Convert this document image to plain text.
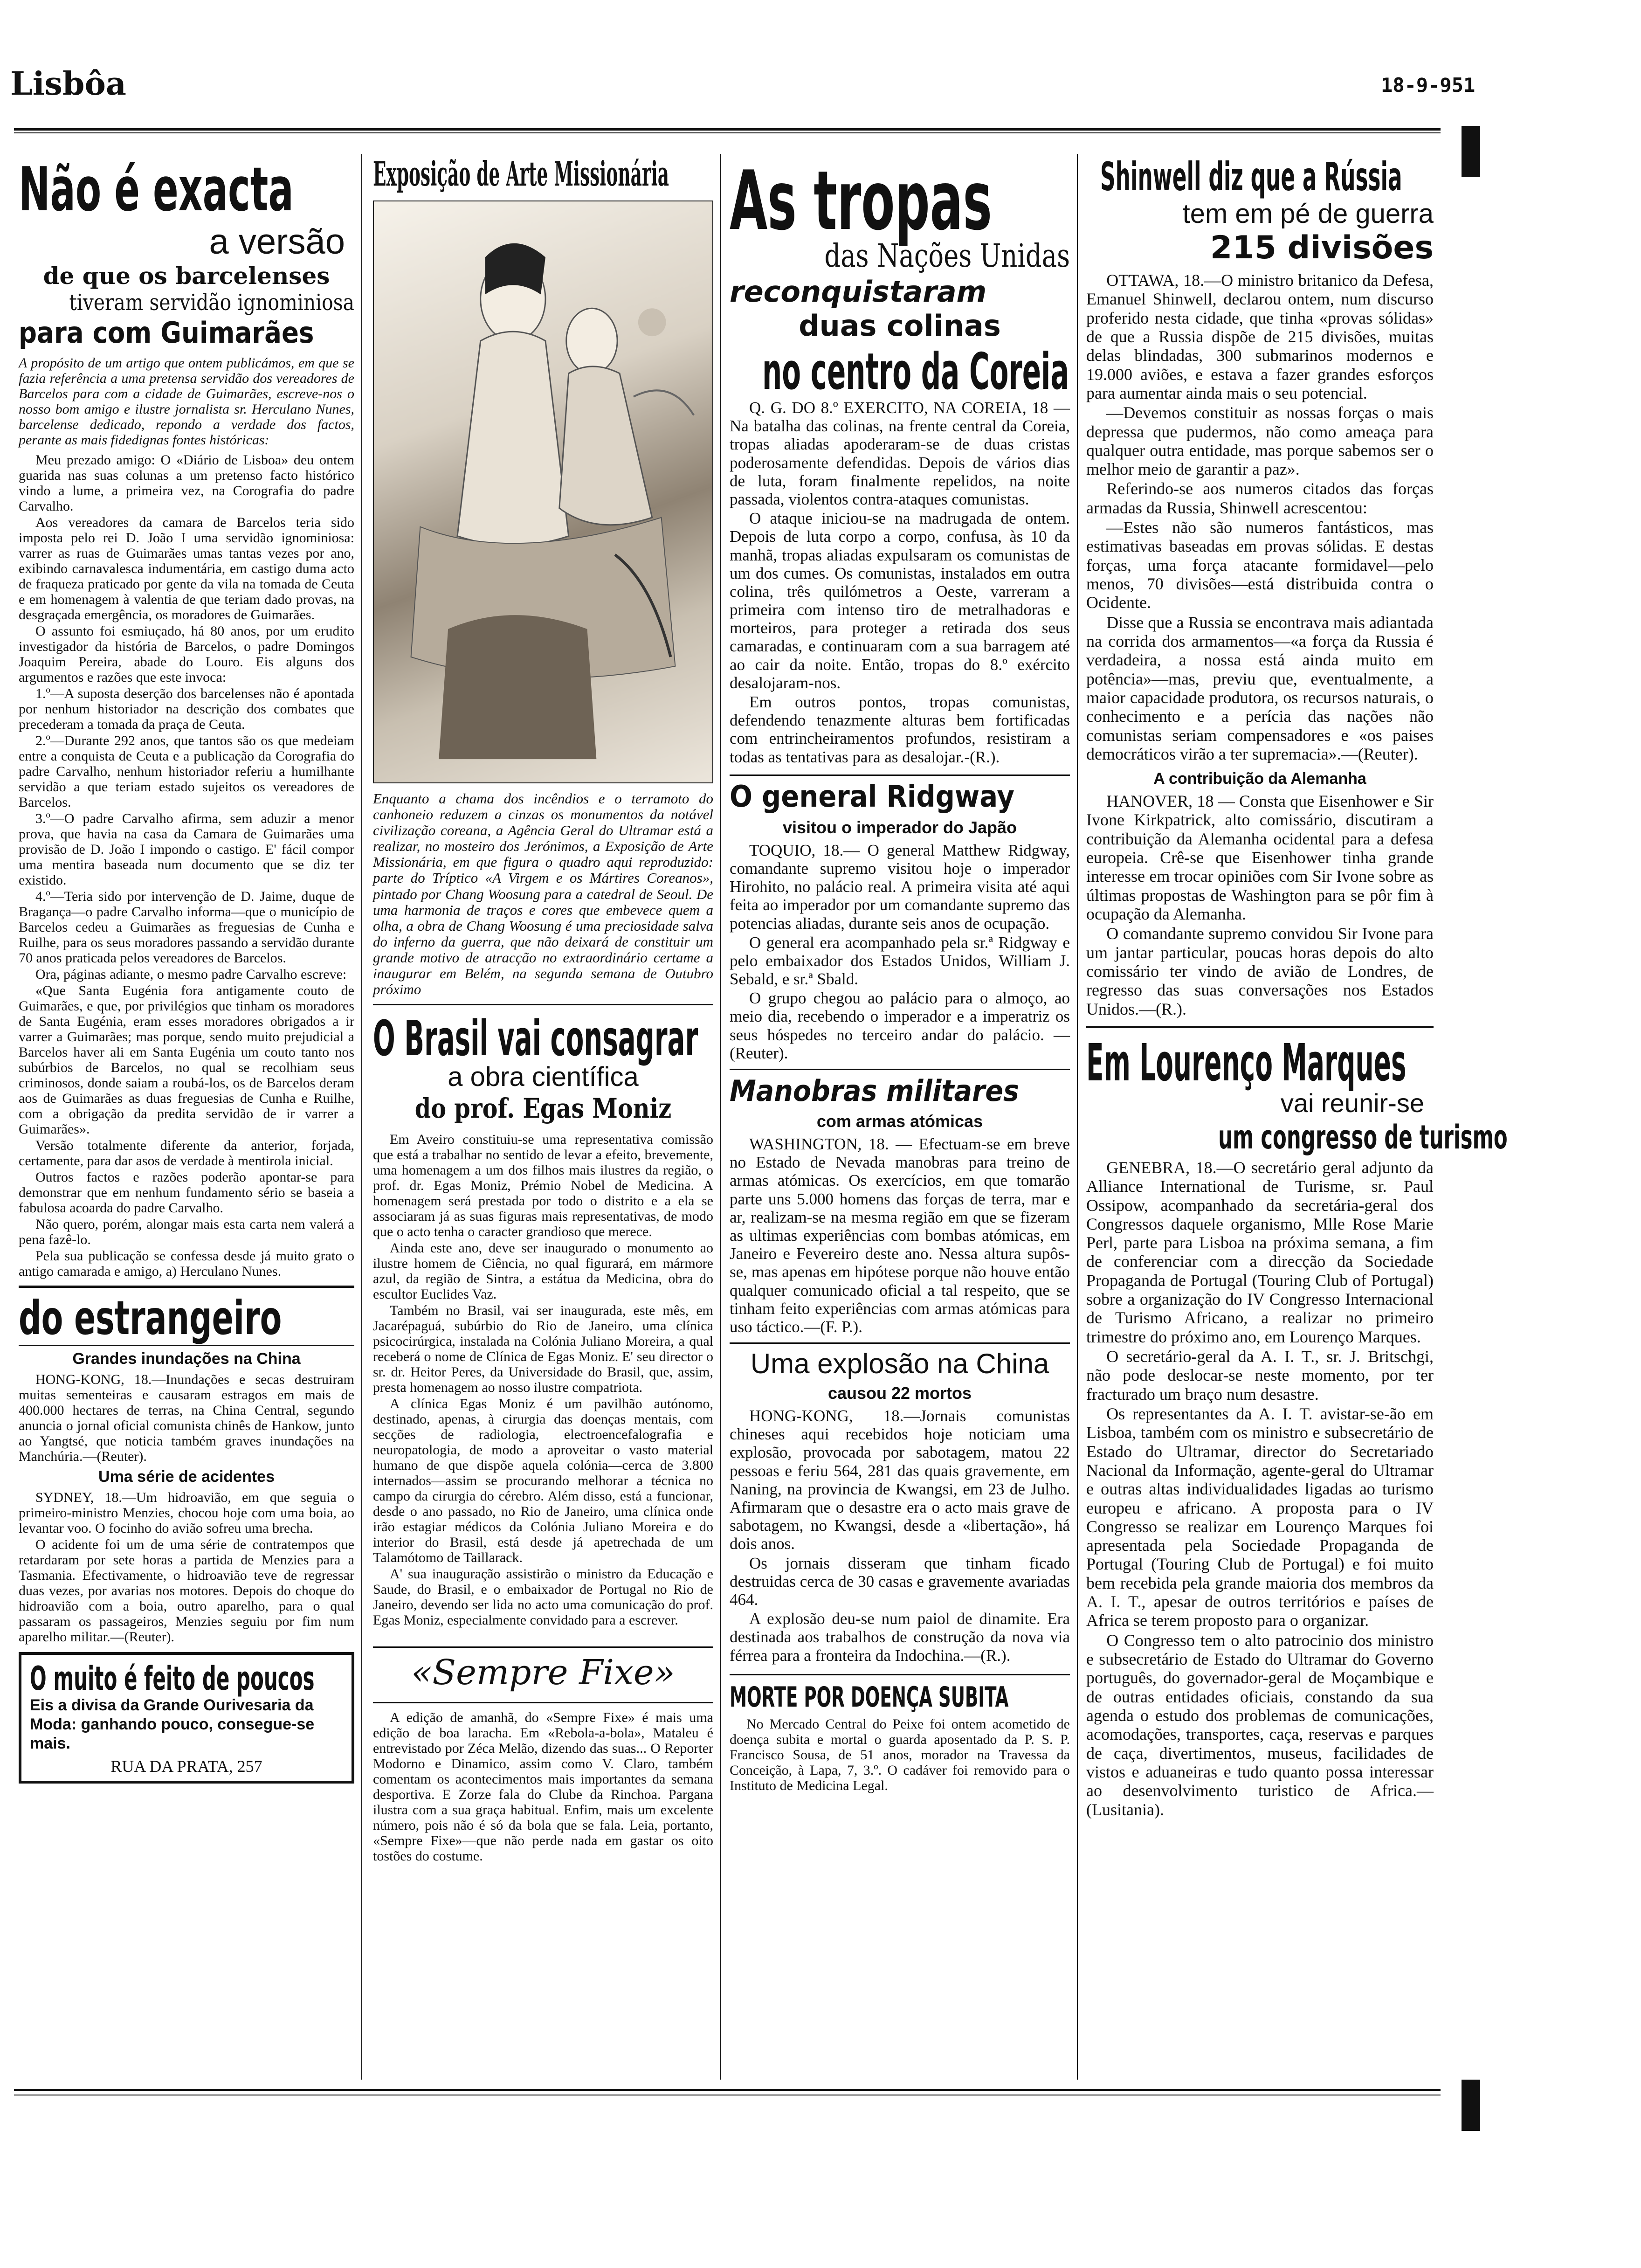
Lisbôa	18-9-951
Não é exacta
a versão
de que os barcelenses
tiveram servidão ignominiosa
para com Guimarães
A propósito de um artigo que ontem publicámos, em que se fazia referência a uma pretensa servidão dos vereadores de Barcelos para com a cidade de Guimarães, escreve-nos o nosso bom amigo e ilustre jornalista sr. Herculano Nunes, barcelense dedicado, repondo a verdade dos factos, perante as mais fidedignas fontes históricas:
Meu prezado amigo: O «Diário de Lisboa» deu ontem guarida nas suas colunas a um pretenso facto histórico vindo a lume, a primeira vez, na Corografia do padre Carvalho.
Aos vereadores da camara de Barcelos teria sido imposta pelo rei D. João I uma servidão ignominiosa: varrer as ruas de Guimarães umas tantas vezes por ano, exibindo carnavalesca indumentária, em castigo duma acto de fraqueza praticado por gente da vila na tomada de Ceuta e em homenagem à valentia de que teriam dado provas, na desgraçada emergência, os moradores de Guimarães.
O assunto foi esmiuçado, há 80 anos, por um erudito investigador da história de Barcelos, o padre Domingos Joaquim Pereira, abade do Louro. Eis alguns dos argumentos e razões que este invoca:
1.º—A suposta deserção dos barcelenses não é apontada por nenhum historiador na descrição dos combates que precederam a tomada da praça de Ceuta.
2.º—Durante 292 anos, que tantos são os que medeiam entre a conquista de Ceuta e a publicação da Corografia do padre Carvalho, nenhum historiador referiu a humilhante servidão a que teriam estado sujeitos os vereadores de Barcelos.
3.º—O padre Carvalho afirma, sem aduzir a menor prova, que havia na casa da Camara de Guimarães uma provisão de D. João I impondo o castigo. E' fácil compor uma mentira baseada num documento que se diz ter existido.
4.º—Teria sido por intervenção de D. Jaime, duque de Bragança—o padre Carvalho informa—que o município de Barcelos cedeu a Guimarães as freguesias de Cunha e Ruilhe, para os seus moradores passando a servidão durante 70 anos praticada pelos vereadores de Barcelos.
Ora, páginas adiante, o mesmo padre Carvalho escreve:
«Que Santa Eugénia fora antigamente couto de Guimarães, e que, por privilégios que tinham os moradores de Santa Eugénia, eram esses moradores obrigados a ir varrer a Guimarães; mas porque, sendo muito prejudicial a Barcelos haver ali em Santa Eugénia um couto tanto nos subúrbios de Barcelos, no qual se recolhiam seus criminosos, donde saiam a roubá-los, os de Barcelos deram aos de Guimarães as duas freguesias de Cunha e Ruilhe, com a obrigação da predita servidão de ir varrer a Guimarães».
Versão totalmente diferente da anterior, forjada, certamente, para dar asos de verdade à mentirola inicial.
Outros factos e razões poderão apontar-se para demonstrar que em nenhum fundamento sério se baseia a fabulosa acoarda do padre Carvalho.
Não quero, porém, alongar mais esta carta nem valerá a pena fazê-lo.
Pela sua publicação se confessa desde já muito grato o antigo camarada e amigo, a) Herculano Nunes.
do estrangeiro
Grandes inundações na China
HONG-KONG, 18.—Inundações e secas destruiram muitas sementeiras e causaram estragos em mais de 400.000 hectares de terras, na China Central, segundo anuncia o jornal oficial comunista chinês de Hankow, junto ao Yangtsé, que noticia também graves inundações na Manchúria.—(Reuter).
Uma série de acidentes
SYDNEY, 18.—Um hidroavião, em que seguia o primeiro-ministro Menzies, chocou hoje com uma boia, ao levantar voo. O focinho do avião sofreu uma brecha.
O acidente foi um de uma série de contratempos que retardaram por sete horas a partida de Menzies para a Tasmania. Efectivamente, o hidroavião teve de regressar duas vezes, por avarias nos motores. Depois do choque do hidroavião com a boia, outro aparelho, para o qual passaram os passageiros, Menzies seguiu por fim num aparelho militar.—(Reuter).
O muito é feito de poucos
Eis a divisa da Grande Ourivesaria da Moda: ganhando pouco, consegue-se mais.
RUA DA PRATA, 257
Exposição de Arte Missionária
Enquanto a chama dos incêndios e o terramoto do canhoneio reduzem a cinzas os monumentos da notável civilização coreana, a Agência Geral do Ultramar está a realizar, no mosteiro dos Jerónimos, a Exposição de Arte Missionária, em que figura o quadro aqui reproduzido: parte do Tríptico «A Virgem e os Mártires Coreanos», pintado por Chang Woosung para a catedral de Seoul. De uma harmonia de traços e cores que embevece quem a olha, a obra de Chang Woosung é uma preciosidade salva do inferno da guerra, que não deixará de constituir um grande motivo de atracção no extraordinário certame a inaugurar em Belém, na segunda semana de Outubro próximo
O Brasil vai consagrar
a obra científica
do prof. Egas Moniz
Em Aveiro constituiu-se uma representativa comissão que está a trabalhar no sentido de levar a efeito, brevemente, uma homenagem a um dos filhos mais ilustres da região, o prof. dr. Egas Moniz, Prémio Nobel de Medicina. A homenagem será prestada por todo o distrito e a ela se associaram já as suas figuras mais representativas, de modo que o acto tenha o caracter grandioso que merece.
Ainda este ano, deve ser inaugurado o monumento ao ilustre homem de Ciência, no qual figurará, em mármore azul, da região de Sintra, a estátua da Medicina, obra do escultor Euclides Vaz.
Também no Brasil, vai ser inaugurada, este mês, em Jacarépaguá, subúrbio do Rio de Janeiro, uma clínica psicocirúrgica, instalada na Colónia Juliano Moreira, a qual receberá o nome de Clínica de Egas Moniz. E' seu director o sr. dr. Heitor Peres, da Universidade do Brasil, que, assim, presta homenagem ao nosso ilustre compatriota.
A clínica Egas Moniz é um pavilhão autónomo, destinado, apenas, à cirurgia das doenças mentais, com secções de radiologia, electroencefalografia e neuropatologia, de modo a aproveitar o vasto material humano de que dispõe aquela colónia—cerca de 3.800 internados—assim se procurando melhorar a técnica no campo da cirurgia do cérebro. Além disso, está a funcionar, desde o ano passado, no Rio de Janeiro, uma clínica onde irão estagiar médicos da Colónia Juliano Moreira e do interior do Brasil, está desde já apetrechada de um Talamótomo de Taillarack.
A' sua inauguração assistirão o ministro da Educação e Saude, do Brasil, e o embaixador de Portugal no Rio de Janeiro, devendo ser lida no acto uma comunicação do prof. Egas Moniz, especialmente convidado para a escrever.
«Sempre Fixe»
A edição de amanhã, do «Sempre Fixe» é mais uma edição de boa laracha. Em «Rebola-a-bola», Mataleu é entrevistado por Zéca Melão, dizendo das suas... O Reporter Modorno e Dinamico, assim como V. Claro, também comentam os acontecimentos mais importantes da semana desportiva. E Zorze fala do Clube da Rinchoa. Pargana ilustra com a sua graça habitual. Enfim, mais um excelente número, pois não é só da bola que se fala. Leia, portanto, «Sempre Fixe»—que não perde nada em gastar os oito tostões do costume.
As tropas
das Nações Unidas
reconquistaram
duas colinas
no centro da Coreia
Q. G. DO 8.º EXERCITO, NA COREIA, 18 — Na batalha das colinas, na frente central da Coreia, tropas aliadas apoderaram-se de duas cristas poderosamente defendidas. Depois de vários dias de luta, foram finalmente repelidos, na noite passada, violentos contra-ataques comunistas.
O ataque iniciou-se na madrugada de ontem. Depois de luta corpo a corpo, confusa, às 10 da manhã, tropas aliadas expulsaram os comunistas de um dos cumes. Os comunistas, instalados em outra colina, três quilómetros a Oeste, varreram a primeira com intenso tiro de metralhadoras e morteiros, para proteger a retirada dos seus camaradas, e continuaram com a sua barragem até ao cair da noite. Então, tropas do 8.º exército desalojaram-nos.
Em outros pontos, tropas comunistas, defendendo tenazmente alturas bem fortificadas com entrincheiramentos profundos, resistiram a todas as tentativas para as desalojar.-(R.).
O general Ridgway
visitou o imperador do Japão
TOQUIO, 18.— O general Matthew Ridgway, comandante supremo visitou hoje o imperador Hirohito, no palácio real. A primeira visita até aqui feita ao imperador por um comandante supremo das potencias aliadas, durante seis anos de ocupação.
O general era acompanhado pela sr.ª Ridgway e pelo embaixador dos Estados Unidos, William J. Sebald, e sr.ª Sbald.
O grupo chegou ao palácio para o almoço, ao meio dia, recebendo o imperador e a imperatriz os seus hóspedes no terceiro andar do palácio. —(Reuter).
Manobras militares
com armas atómicas
WASHINGTON, 18. — Efectuam-se em breve no Estado de Nevada manobras para treino de armas atómicas. Os exercícios, em que tomarão parte uns 5.000 homens das forças de terra, mar e ar, realizam-se na mesma região em que se fizeram as ultimas experiências com bombas atómicas, em Janeiro e Fevereiro deste ano. Nessa altura supôs-se, mas apenas em hipótese porque não houve então qualquer comunicado oficial a tal respeito, que se tinham feito experiências com armas atómicas para uso táctico.—(F. P.).
Uma explosão na China
causou 22 mortos
HONG-KONG, 18.—Jornais comunistas chineses aqui recebidos hoje noticiam uma explosão, provocada por sabotagem, matou 22 pessoas e feriu 564, 281 das quais gravemente, em Naning, na provincia de Kwangsi, em 23 de Julho. Afirmaram que o desastre era o acto mais grave de sabotagem, no Kwangsi, desde a «libertação», há dois anos.
Os jornais disseram que tinham ficado destruidas cerca de 30 casas e gravemente avariadas 464.
A explosão deu-se num paiol de dinamite. Era destinada aos trabalhos de construção da nova via férrea para a fronteira da Indochina.—(R.).
MORTE POR DOENÇA SUBITA
No Mercado Central do Peixe foi ontem acometido de doença subita e mortal o guarda aposentado da P. S. P. Francisco Sousa, de 51 anos, morador na Travessa da Conceição, à Lapa, 7, 3.º. O cadáver foi removido para o Instituto de Medicina Legal.
Shinwell diz que a Rússia
tem em pé de guerra
215 divisões
OTTAWA, 18.—O ministro britanico da Defesa, Emanuel Shinwell, declarou ontem, num discurso proferido nesta cidade, que tinha «provas sólidas» de que a Russia dispõe de 215 divisões, muitas delas blindadas, 300 submarinos modernos e 19.000 aviões, e estava a fazer grandes esforços para aumentar ainda mais o seu potencial.
—Devemos constituir as nossas forças o mais depressa que pudermos, não como ameaça para qualquer outra entidade, mas porque sabemos ser o melhor meio de garantir a paz».
Referindo-se aos numeros citados das forças armadas da Russia, Shinwell acrescentou:
—Estes não são numeros fantásticos, mas estimativas baseadas em provas sólidas. E destas forças, uma força atacante formidavel—pelo menos, 70 divisões—está distribuida contra o Ocidente.
Disse que a Russia se encontrava mais adiantada na corrida dos armamentos—«a força da Russia é verdadeira, a nossa está ainda muito em potência»—mas, previu que, eventualmente, a maior capacidade produtora, os recursos naturais, o conhecimento e a perícia das nações não comunistas seriam compensadores e «os paises democráticos virão a ter supremacia».—(Reuter).
A contribuição da Alemanha
HANOVER, 18 — Consta que Eisenhower e Sir Ivone Kirkpatrick, alto comissário, discutiram a contribuição da Alemanha ocidental para a defesa europeia. Crê-se que Eisenhower tinha grande interesse em trocar opiniões com Sir Ivone sobre as últimas propostas de Washington para se pôr fim à ocupação da Alemanha.
O comandante supremo convidou Sir Ivone para um jantar particular, poucas horas depois do alto comissário ter vindo de avião de Londres, de regresso das suas conversações nos Estados Unidos.—(R.).
Em Lourenço Marques
vai reunir-se
um congresso de turismo
GENEBRA, 18.—O secretário geral adjunto da Alliance International de Turisme, sr. Paul Ossipow, acompanhado da secretária-geral dos Congressos daquele organismo, Mlle Rose Marie Perl, parte para Lisboa na próxima semana, a fim de conferenciar com a direcção da Sociedade Propaganda de Portugal (Touring Club of Portugal) sobre a organização do IV Congresso Internacional de Turismo Africano, a realizar no primeiro trimestre do próximo ano, em Lourenço Marques.
O secretário-geral da A. I. T., sr. J. Britschgi, não pode deslocar-se neste momento, por ter fracturado um braço num desastre.
Os representantes da A. I. T. avistar-se-ão em Lisboa, também com os ministro e subsecretário de Estado do Ultramar, director do Secretariado Nacional da Informação, agente-geral do Ultramar e outras altas individualidades ligadas ao turismo europeu e africano. A proposta para o IV Congresso se realizar em Lourenço Marques foi apresentada pela Sociedade Propaganda de Portugal (Touring Club de Portugal) e foi muito bem recebida pela grande maioria dos membros da A. I. T., apesar de outros territórios e países de Africa se terem proposto para o organizar.
O Congresso tem o alto patrocinio dos ministro e subsecretário de Estado do Ultramar do Governo português, do governador-geral de Moçambique e de outras entidades oficiais, constando da sua agenda o estudo dos problemas de comunicações, acomodações, transportes, caça, reservas e parques de caça, divertimentos, museus, facilidades de vistos e aduaneiras e tudo quanto possa interessar ao desenvolvimento turistico de Africa.—(Lusitania).
